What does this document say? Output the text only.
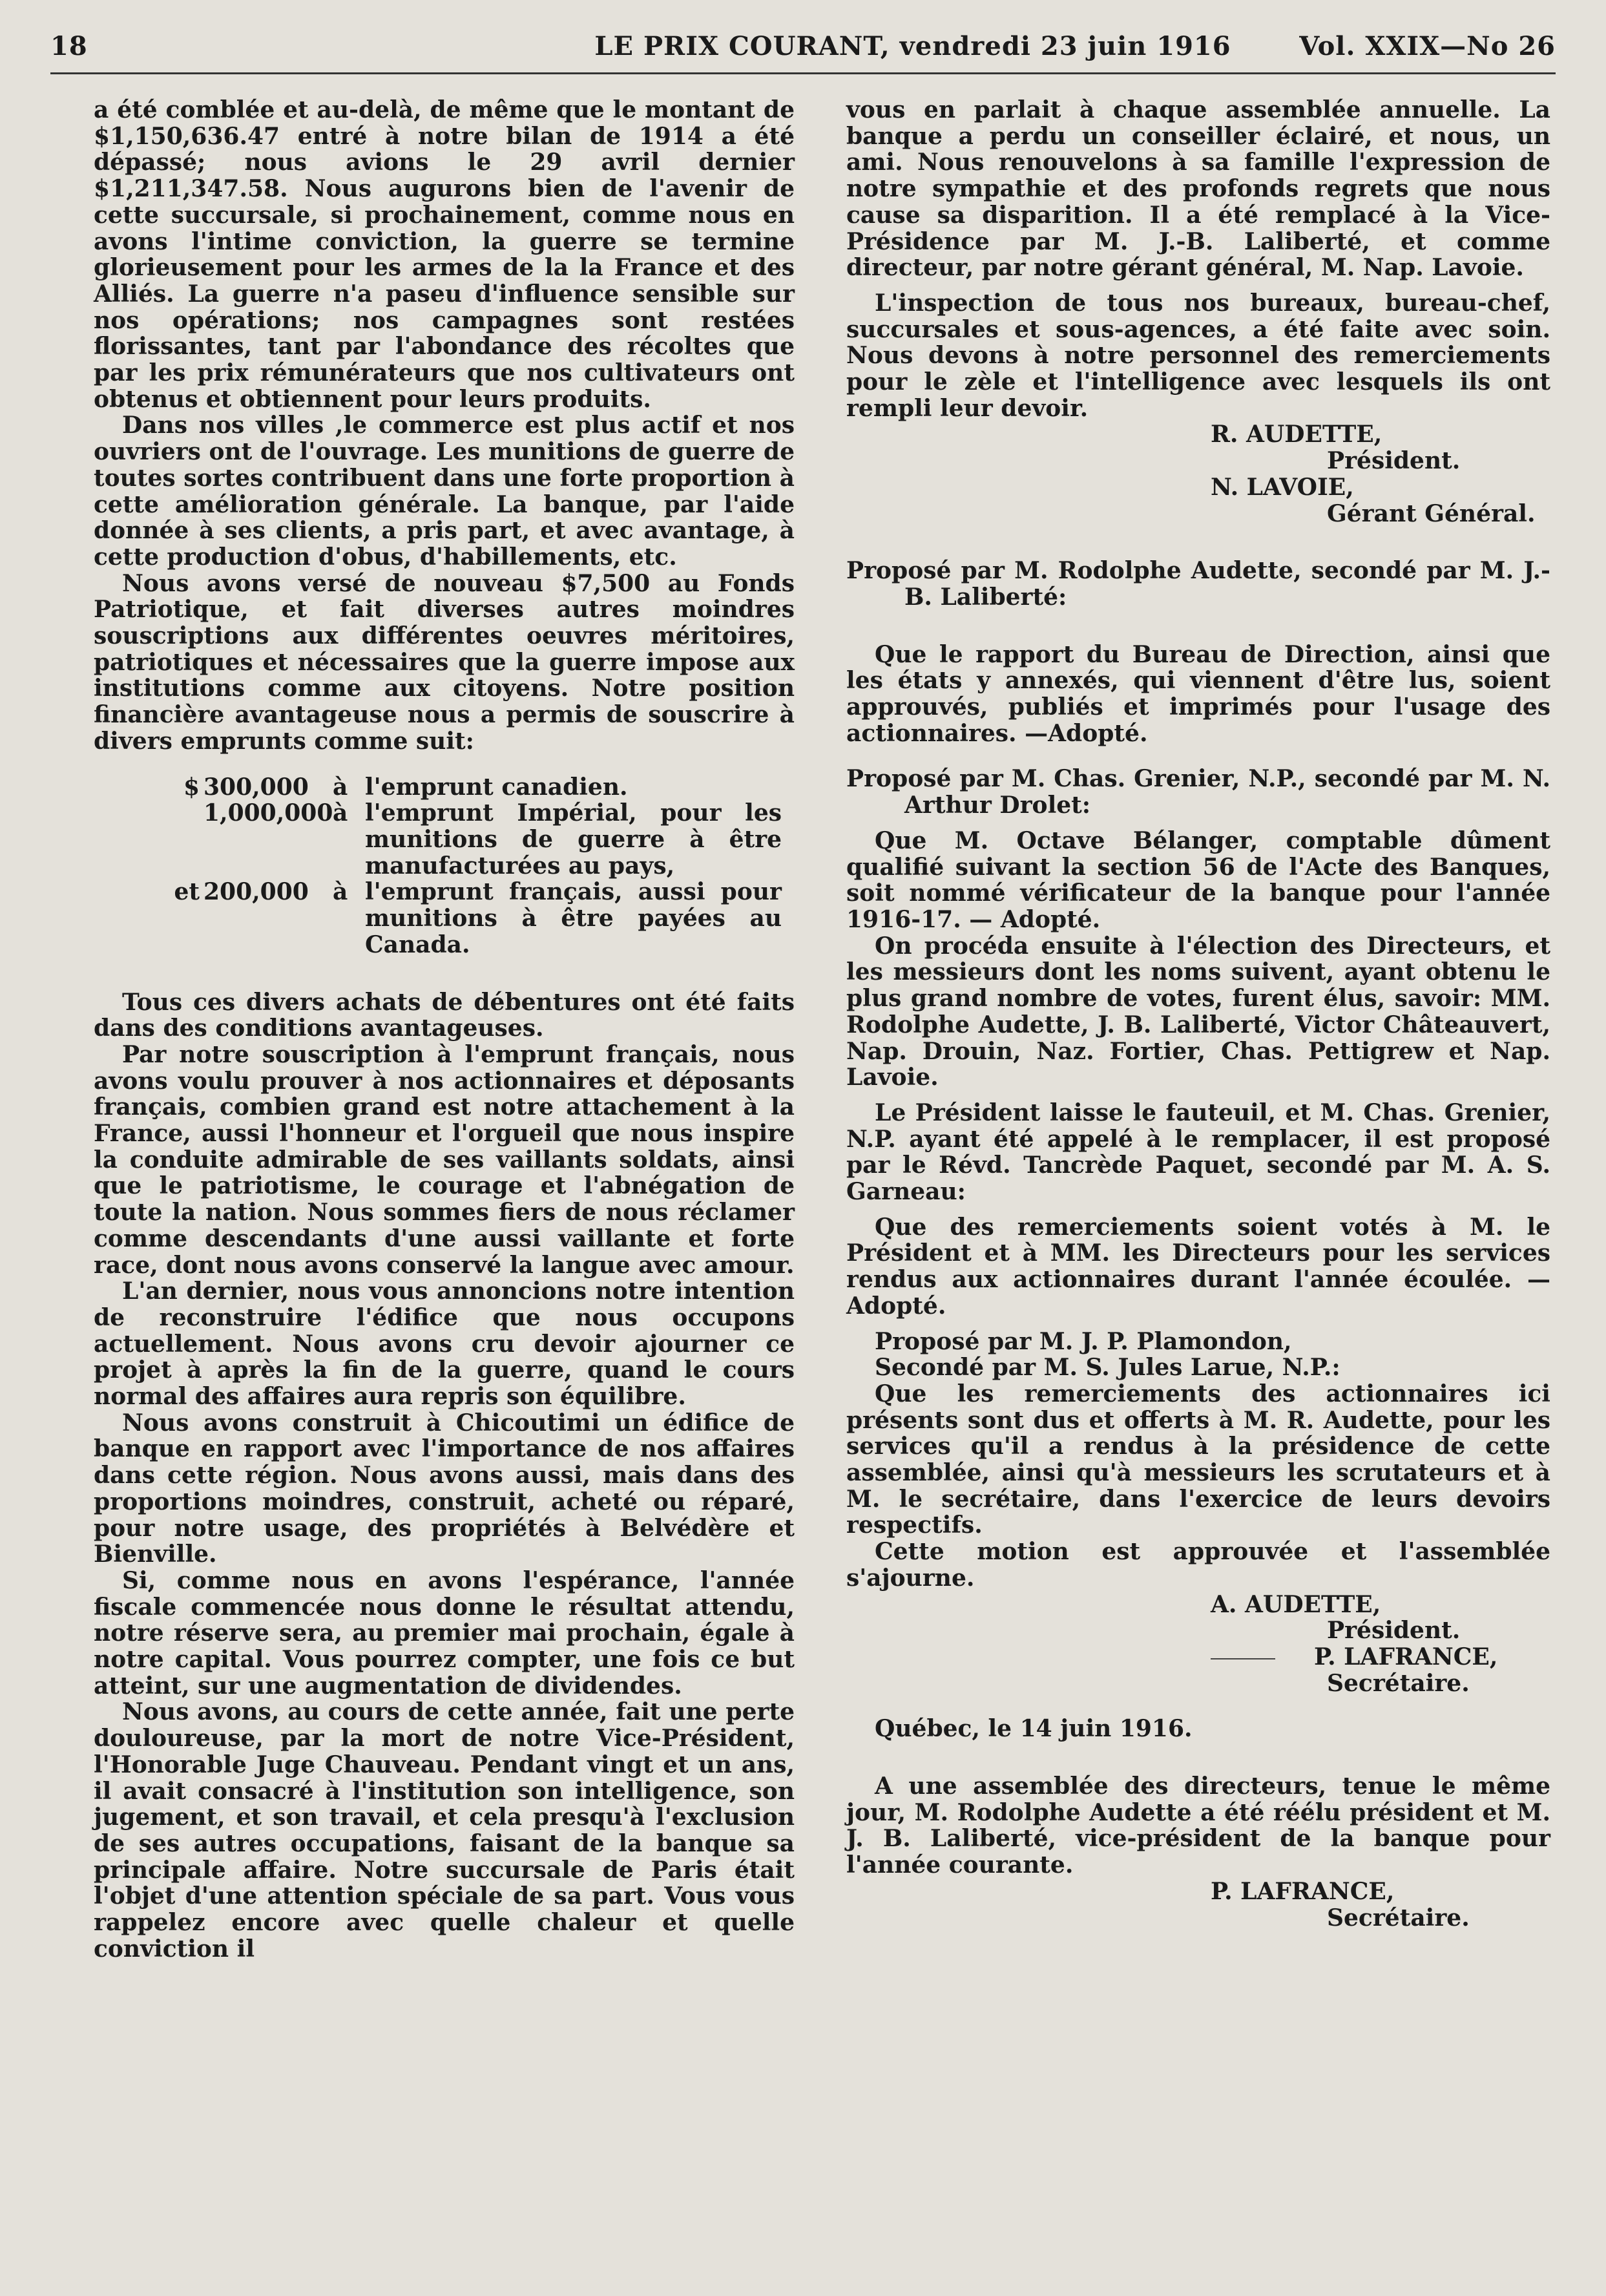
18	LE PRIX COURANT, vendredi 23 juin 1916	Vol. XXIX—No 26

a été comblée et au-delà, de même que le montant de $1,150,636.47 entré à notre bilan de 1914 a été dépassé; nous avions le 29 avril dernier $1,211,347.58. Nous augurons bien de l'avenir de cette succursale, si prochainement, comme nous en avons l'intime conviction, la guerre se termine glorieusement pour les armes de la la France et des Alliés. La guerre n'a paseu d'influence sensible sur nos opérations; nos campagnes sont restées florissantes, tant par l'abondance des récoltes que par les prix rémunérateurs que nos cultivateurs ont obtenus et obtiennent pour leurs produits.

Dans nos villes ,le commerce est plus actif et nos ouvriers ont de l'ouvrage. Les munitions de guerre de toutes sortes contribuent dans une forte proportion à cette amélioration générale. La banque, par l'aide donnée à ses clients, a pris part, et avec avantage, à cette production d'obus, d'habillements, etc.

Nous avons versé de nouveau $7,500 au Fonds Patriotique, et fait diverses autres moindres souscriptions aux différentes oeuvres méritoires, patriotiques et nécessaires que la guerre impose aux institutions comme aux citoyens. Notre position financière avantageuse nous a permis de souscrire à divers emprunts comme suit:

$ 300,000	à l'emprunt canadien.
1,000,000 à l'emprunt Impérial, pour les munitions de guerre à être manufacturées au pays,
et 200,000	à l'emprunt français, aussi pour munitions à être payées au Canada.

Tous ces divers achats de débentures ont été faits dans des conditions avantageuses.

Par notre souscription à l'emprunt français, nous avons voulu prouver à nos actionnaires et déposants français, combien grand est notre attachement à la France, aussi l'honneur et l'orgueil que nous inspire la conduite admirable de ses vaillants soldats, ainsi que le patriotisme, le courage et l'abnégation de toute la nation. Nous sommes fiers de nous réclamer comme descendants d'une aussi vaillante et forte race, dont nous avons conservé la langue avec amour.

L'an dernier, nous vous annoncions notre intention de reconstruire l'édifice que nous occupons actuellement. Nous avons cru devoir ajourner ce projet à après la fin de la guerre, quand le cours normal des affaires aura repris son équilibre.

Nous avons construit à Chicoutimi un édifice de banque en rapport avec l'importance de nos affaires dans cette région. Nous avons aussi, mais dans des proportions moindres, construit, acheté ou réparé, pour notre usage, des propriétés à Belvédère et Bienville.

Si, comme nous en avons l'espérance, l'année fiscale commencée nous donne le résultat attendu, notre réserve sera, au premier mai prochain, égale à notre capital. Vous pourrez compter, une fois ce but atteint, sur une augmentation de dividendes.

Nous avons, au cours de cette année, fait une perte douloureuse, par la mort de notre Vice-Président, l'Honorable Juge Chauveau. Pendant vingt et un ans, il avait consacré à l'institution son intelligence, son jugement, et son travail, et cela presqu'à l'exclusion de ses autres occupations, faisant de la banque sa principale affaire. Notre succursale de Paris était l'objet d'une attention spéciale de sa part. Vous vous rappelez encore avec quelle chaleur et quelle conviction il

vous en parlait à chaque assemblée annuelle. La banque a perdu un conseiller éclairé, et nous, un ami. Nous renouvelons à sa famille l'expression de notre sympathie et des profonds regrets que nous cause sa disparition. Il a été remplacé à la Vice-Présidence par M. J.-B. Laliberté, et comme directeur, par notre gérant général, M. Nap. Lavoie.

L'inspection de tous nos bureaux, bureau-chef, succursales et sous-agences, a été faite avec soin. Nous devons à notre personnel des remerciements pour le zèle et l'intelligence avec lesquels ils ont rempli leur devoir.

R. AUDETTE,

Président.

N. LAVOIE,

Gérant Général.

Proposé par M. Rodolphe Audette, secondé par M. J.-B. Laliberté:

Que le rapport du Bureau de Direction, ainsi que les états y annexés, qui viennent d'être lus, soient approuvés, publiés et imprimés pour l'usage des actionnaires. —Adopté.

Proposé par M. Chas. Grenier, N.P., secondé par M. N. Arthur Drolet:

Que M. Octave Bélanger, comptable dûment qualifié suivant la section 56 de l'Acte des Banques, soit nommé vérificateur de la banque pour l'année 1916-17. — Adopté.

On procéda ensuite à l'élection des Directeurs, et les messieurs dont les noms suivent, ayant obtenu le plus grand nombre de votes, furent élus, savoir: MM. Rodolphe Audette, J. B. Laliberté, Victor Châteauvert, Nap. Drouin, Naz. Fortier, Chas. Pettigrew et Nap. Lavoie.

Le Président laisse le fauteuil, et M. Chas. Grenier, N.P. ayant été appelé à le remplacer, il est proposé par le Révd. Tancrède Paquet, secondé par M. A. S. Garneau:

Que des remerciements soient votés à M. le Président et à MM. les Directeurs pour les services rendus aux actionnaires durant l'année écoulée. — Adopté.

Proposé par M. J. P. Plamondon,

Secondé par M. S. Jules Larue, N.P.:

Que les remerciements des actionnaires ici présents sont dus et offerts à M. R. Audette, pour les services qu'il a rendus à la présidence de cette assemblée, ainsi qu'à messieurs les scrutateurs et à M. le secrétaire, dans l'exercice de leurs devoirs respectifs.

Cette motion est approuvée et l'assemblée s'ajourne.

A. AUDETTE,

Président.

P. LAFRANCE,

Secrétaire.

Québec, le 14 juin 1916.

A une assemblée des directeurs, tenue le même jour, M. Rodolphe Audette a été réélu président et M. J. B. Laliberté, vice-président de la banque pour l'année courante.

P. LAFRANCE,

Secrétaire.
